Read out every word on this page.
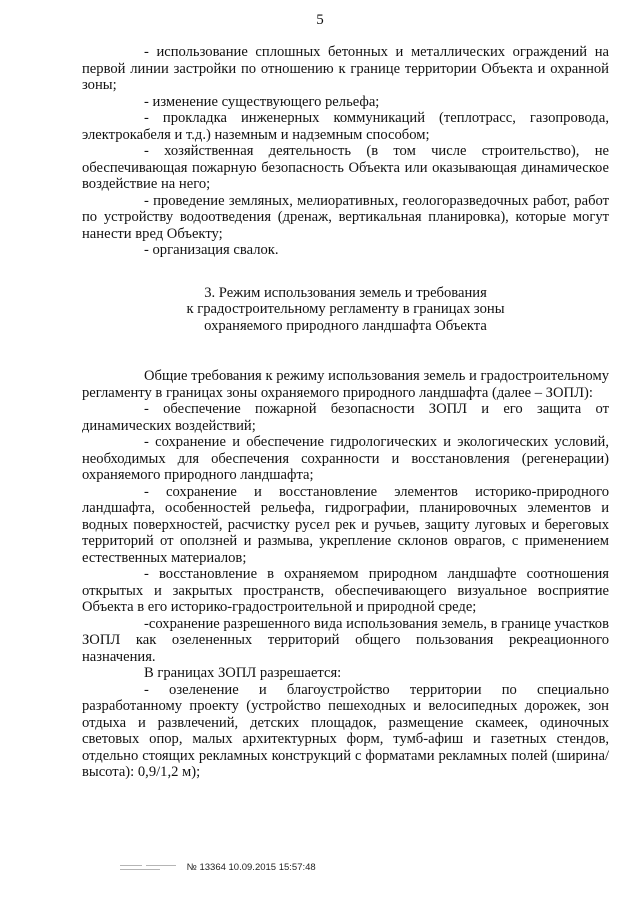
5

- использование сплошных бетонных и металлических ограждений на первой линии застройки по отношению к границе территории Объекта и охранной зоны;

- изменение существующего рельефа;

- прокладка инженерных коммуникаций (теплотрасс, газопровода, электрокабеля и т.д.) наземным и надземным способом;

- хозяйственная деятельность (в том числе строительство), не обеспечивающая пожарную безопасность Объекта или оказывающая динамическое воздействие на него;

- проведение земляных, мелиоративных, геологоразведочных работ, работ по устройству водоотведения (дренаж, вертикальная планировка), которые могут нанести вред Объекту;

- организация свалок.

3. Режим использования земель и требования
к градостроительному регламенту в границах зоны
охраняемого природного ландшафта Объекта

Общие требования к режиму использования земель и градостроительному регламенту в границах зоны охраняемого природного ландшафта (далее – ЗОПЛ):

- обеспечение пожарной безопасности ЗОПЛ и его защита от динамических воздействий;

- сохранение и обеспечение гидрологических и экологических условий, необходимых для обеспечения сохранности и восстановления (регенерации) охраняемого природного ландшафта;

- сохранение и восстановление элементов историко-природного ландшафта, особенностей рельефа, гидрографии, планировочных элементов и водных поверхностей, расчистку русел рек и ручьев, защиту луговых и береговых территорий от оползней и размыва, укрепление склонов оврагов, с применением естественных материалов;

- восстановление в охраняемом природном ландшафте соотношения открытых и закрытых пространств, обеспечивающего визуальное восприятие Объекта в его историко-градостроительной и природной среде;

-сохранение разрешенного вида использования земель, в границе участков ЗОПЛ как озелененных территорий общего пользования рекреационного назначения.

В границах ЗОПЛ разрешается:

- озеленение и благоустройство территории по специально разработанному проекту (устройство пешеходных и велосипедных дорожек, зон отдыха и развлечений, детских площадок, размещение скамеек, одиночных световых опор, малых архитектурных форм, тумб-афиш и газетных стендов, отдельно стоящих рекламных конструкций с форматами рекламных полей (ширина/высота): 0,9/1,2 м);

№ 13364 10.09.2015 15:57:48
